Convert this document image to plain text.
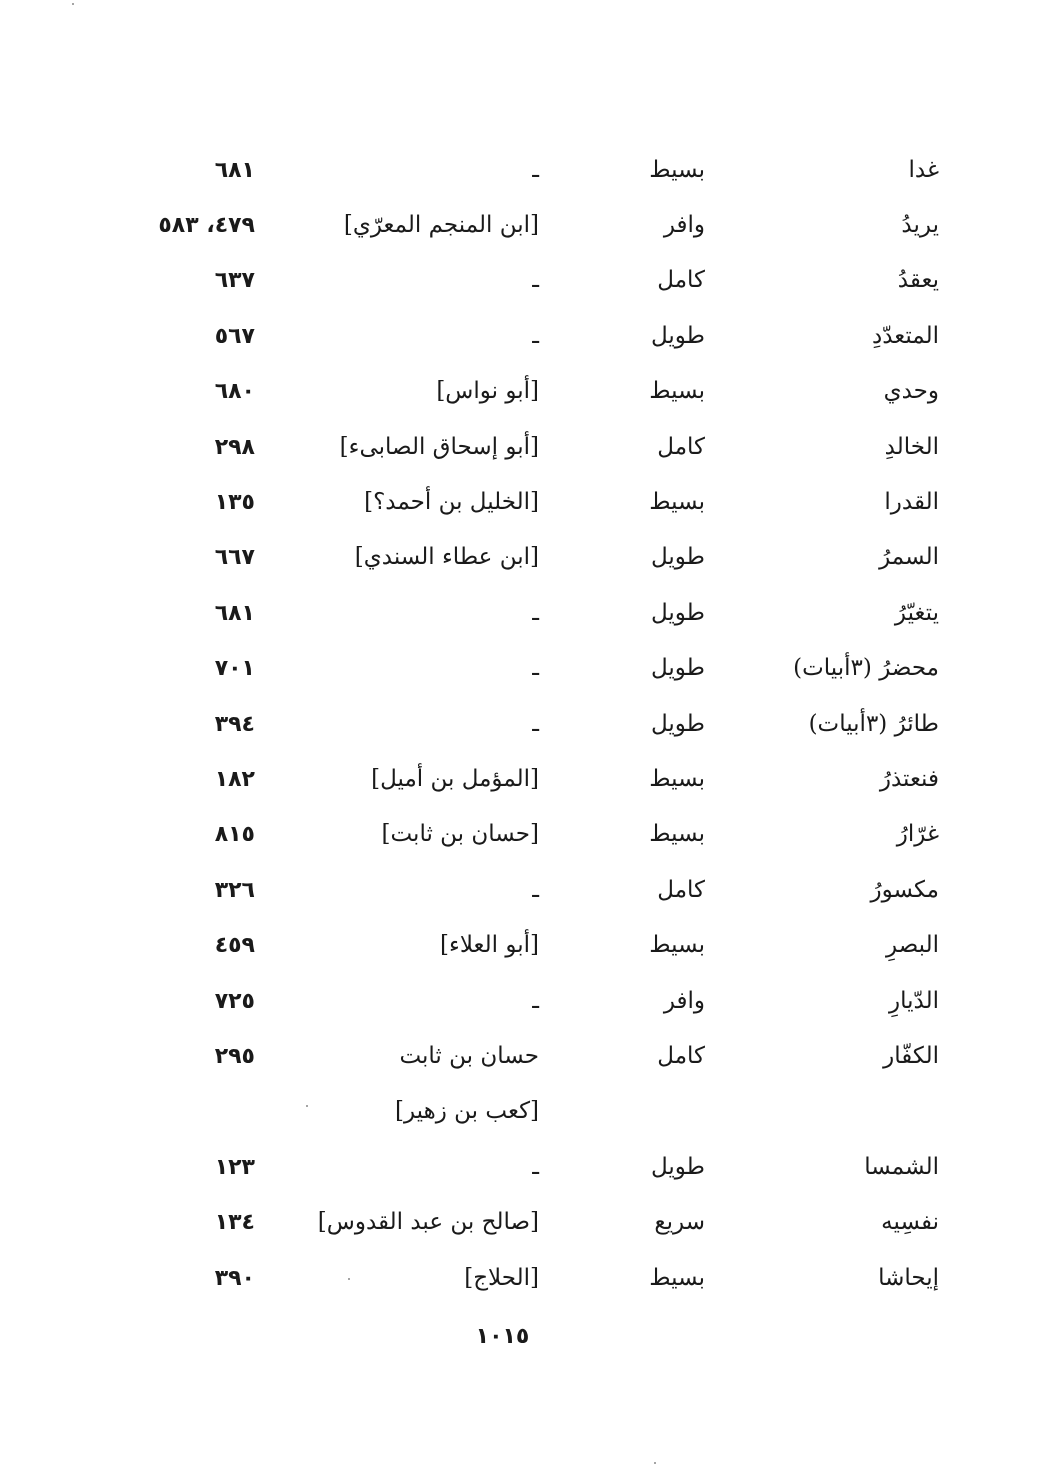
غدا
بسيط
ـ
٦٨١
يريدُ
وافر
[ابن المنجم المعرّي]
٤٧٩، ٥٨٣
يعقدُ
كامل
ـ
٦٣٧
المتعدّدِ
طويل
ـ
٥٦٧
وحدي
بسيط
[أبو نواس]
٦٨٠
الخالدِ
كامل
[أبو إسحاق الصابىء]
٢٩٨
القدرا
بسيط
[الخليل بن أحمد؟]
١٣٥
السمرُ
طويل
[ابن عطاء السندي]
٦٦٧
يتغيّرُ
طويل
ـ
٦٨١
محضرُ (٣أبيات)
طويل
ـ
٧٠١
طائرُ (٣أبيات)
طويل
ـ
٣٩٤
فنعتذرُ
بسيط
[المؤمل بن أميل]
١٨٢
غرّارُ
بسيط
[حسان بن ثابت]
٨١٥
مكسورُ
كامل
ـ
٣٢٦
البصرِ
بسيط
[أبو العلاء]
٤٥٩
الدّيارِ
وافر
ـ
٧٢٥
الكفّار
كامل
حسان بن ثابت
٢٩٥
[كعب بن زهير]
الشمسا
طويل
ـ
١٢٣
نفسِيه
سريع
[صالح بن عبد القدوس]
١٣٤
إيحاشا
بسيط
[الحلاج]
٣٩٠
١٠١٥
